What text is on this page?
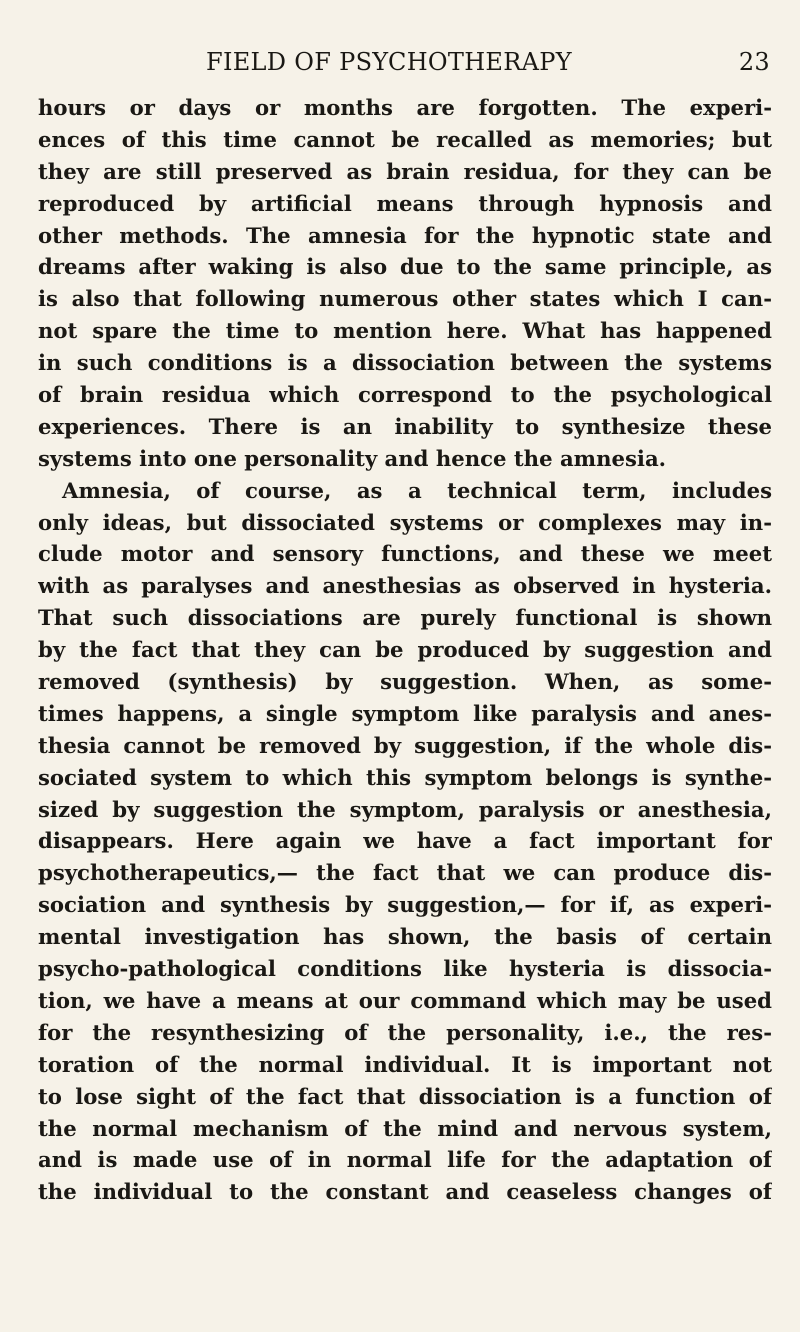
FIELD OF PSYCHOTHERAPY	23
hours or days or months are forgotten. The experi-
ences of this time cannot be recalled as memories; but
they are still preserved as brain residua, for they can be
reproduced by artificial means through hypnosis and
other methods. The amnesia for the hypnotic state and
dreams after waking is also due to the same principle, as
is also that following numerous other states which I can-
not spare the time to mention here. What has happened
in such conditions is a dissociation between the systems
of brain residua which correspond to the psychological
experiences. There is an inability to synthesize these
systems into one personality and hence the amnesia.
Amnesia, of course, as a technical term, includes
only ideas, but dissociated systems or complexes may in-
clude motor and sensory functions, and these we meet
with as paralyses and anesthesias as observed in hysteria.
That such dissociations are purely functional is shown
by the fact that they can be produced by suggestion and
removed (synthesis) by suggestion. When, as some-
times happens, a single symptom like paralysis and anes-
thesia cannot be removed by suggestion, if the whole dis-
sociated system to which this symptom belongs is synthe-
sized by suggestion the symptom, paralysis or anesthesia,
disappears. Here again we have a fact important for
psychotherapeutics,— the fact that we can produce dis-
sociation and synthesis by suggestion,— for if, as experi-
mental investigation has shown, the basis of certain
psycho-pathological conditions like hysteria is dissocia-
tion, we have a means at our command which may be used
for the resynthesizing of the personality, i.e., the res-
toration of the normal individual. It is important not
to lose sight of the fact that dissociation is a function of
the normal mechanism of the mind and nervous system,
and is made use of in normal life for the adaptation of
the individual to the constant and ceaseless changes of
